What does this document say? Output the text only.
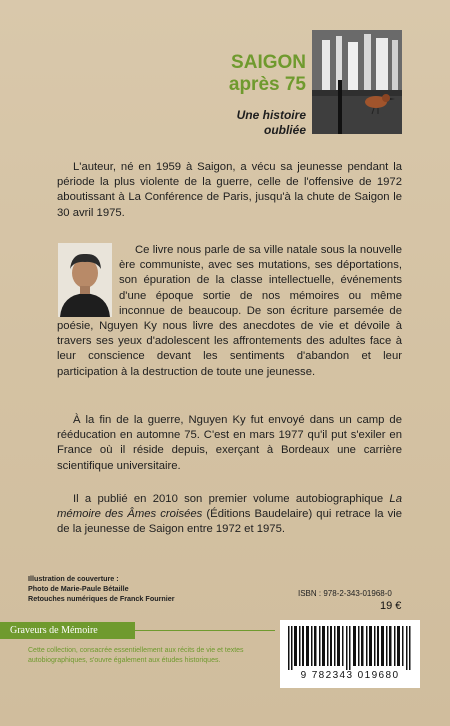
SAIGON
après 75
Une histoire
oubliée

L'auteur, né en 1959 à Saigon, a vécu sa jeunesse pendant la période la plus violente de la guerre, celle de l'offensive de 1972 aboutissant à La Conférence de Paris, jusqu'à la chute de Saigon le 30 avril 1975.

Ce livre nous parle de sa ville natale sous la nouvelle ère communiste, avec ses mutations, ses déportations, son épuration de la classe intellectuelle, événements d'une époque sortie de nos mémoires ou même inconnue de beaucoup. De son écriture parsemée de poésie, Nguyen Ky nous livre des anecdotes de vie et dévoile à travers ses yeux d'adolescent les affrontements des adultes face à leur conscience devant les sentiments d'abandon et leur participation à la destruction de toute une jeunesse.

À la fin de la guerre, Nguyen Ky fut envoyé dans un camp de rééducation en automne 75. C'est en mars 1977 qu'il put s'exiler en France où il réside depuis, exerçant à Bordeaux une carrière scientifique universitaire.

Il a publié en 2010 son premier volume autobiographique La mémoire des Âmes croisées (Éditions Baudelaire) qui retrace la vie de la jeunesse de Saigon entre 1972 et 1975.

Illustration de couverture :
Photo de Marie-Paule Bétaille
Retouches numériques de Franck Fournier
ISBN : 978-2-343-01968-0
19 €
Graveurs de Mémoire
Cette collection, consacrée essentiellement aux récits de vie et textes autobiographiques, s'ouvre également aux études historiques.
9 782343 019680
